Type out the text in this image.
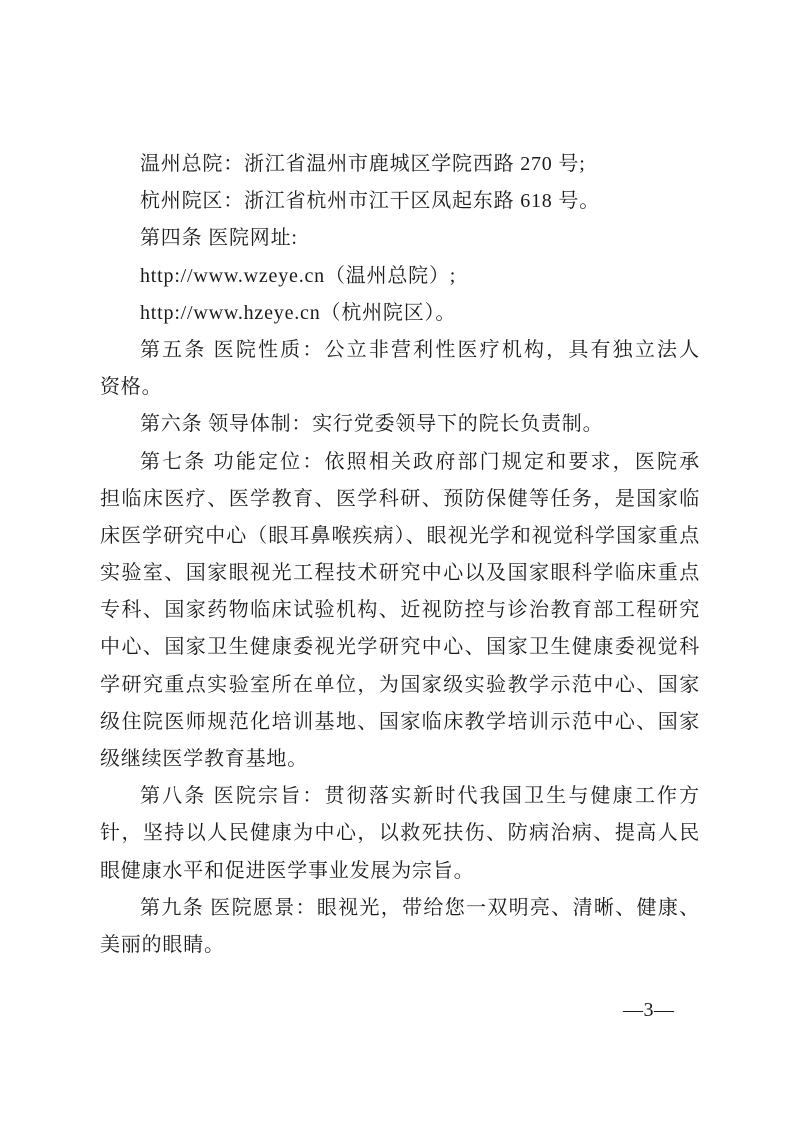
温州总院：浙江省温州市鹿城区学院西路 270 号;
杭州院区：浙江省杭州市江干区凤起东路 618 号。
第四条 医院网址:
http://www.wzeye.cn（温州总院）;
http://www.hzeye.cn（杭州院区）。
第五条 医院性质：公立非营利性医疗机构，具有独立法人
资格。
第六条 领导体制：实行党委领导下的院长负责制。
第七条 功能定位：依照相关政府部门规定和要求，医院承
担临床医疗、医学教育、医学科研、预防保健等任务，是国家临
床医学研究中心（眼耳鼻喉疾病）、眼视光学和视觉科学国家重点
实验室、国家眼视光工程技术研究中心以及国家眼科学临床重点
专科、国家药物临床试验机构、近视防控与诊治教育部工程研究
中心、国家卫生健康委视光学研究中心、国家卫生健康委视觉科
学研究重点实验室所在单位，为国家级实验教学示范中心、国家
级住院医师规范化培训基地、国家临床教学培训示范中心、国家
级继续医学教育基地。
第八条 医院宗旨：贯彻落实新时代我国卫生与健康工作方
针，坚持以人民健康为中心，以救死扶伤、防病治病、提高人民
眼健康水平和促进医学事业发展为宗旨。
第九条 医院愿景：眼视光，带给您一双明亮、清晰、健康、
美丽的眼睛。
—3—
